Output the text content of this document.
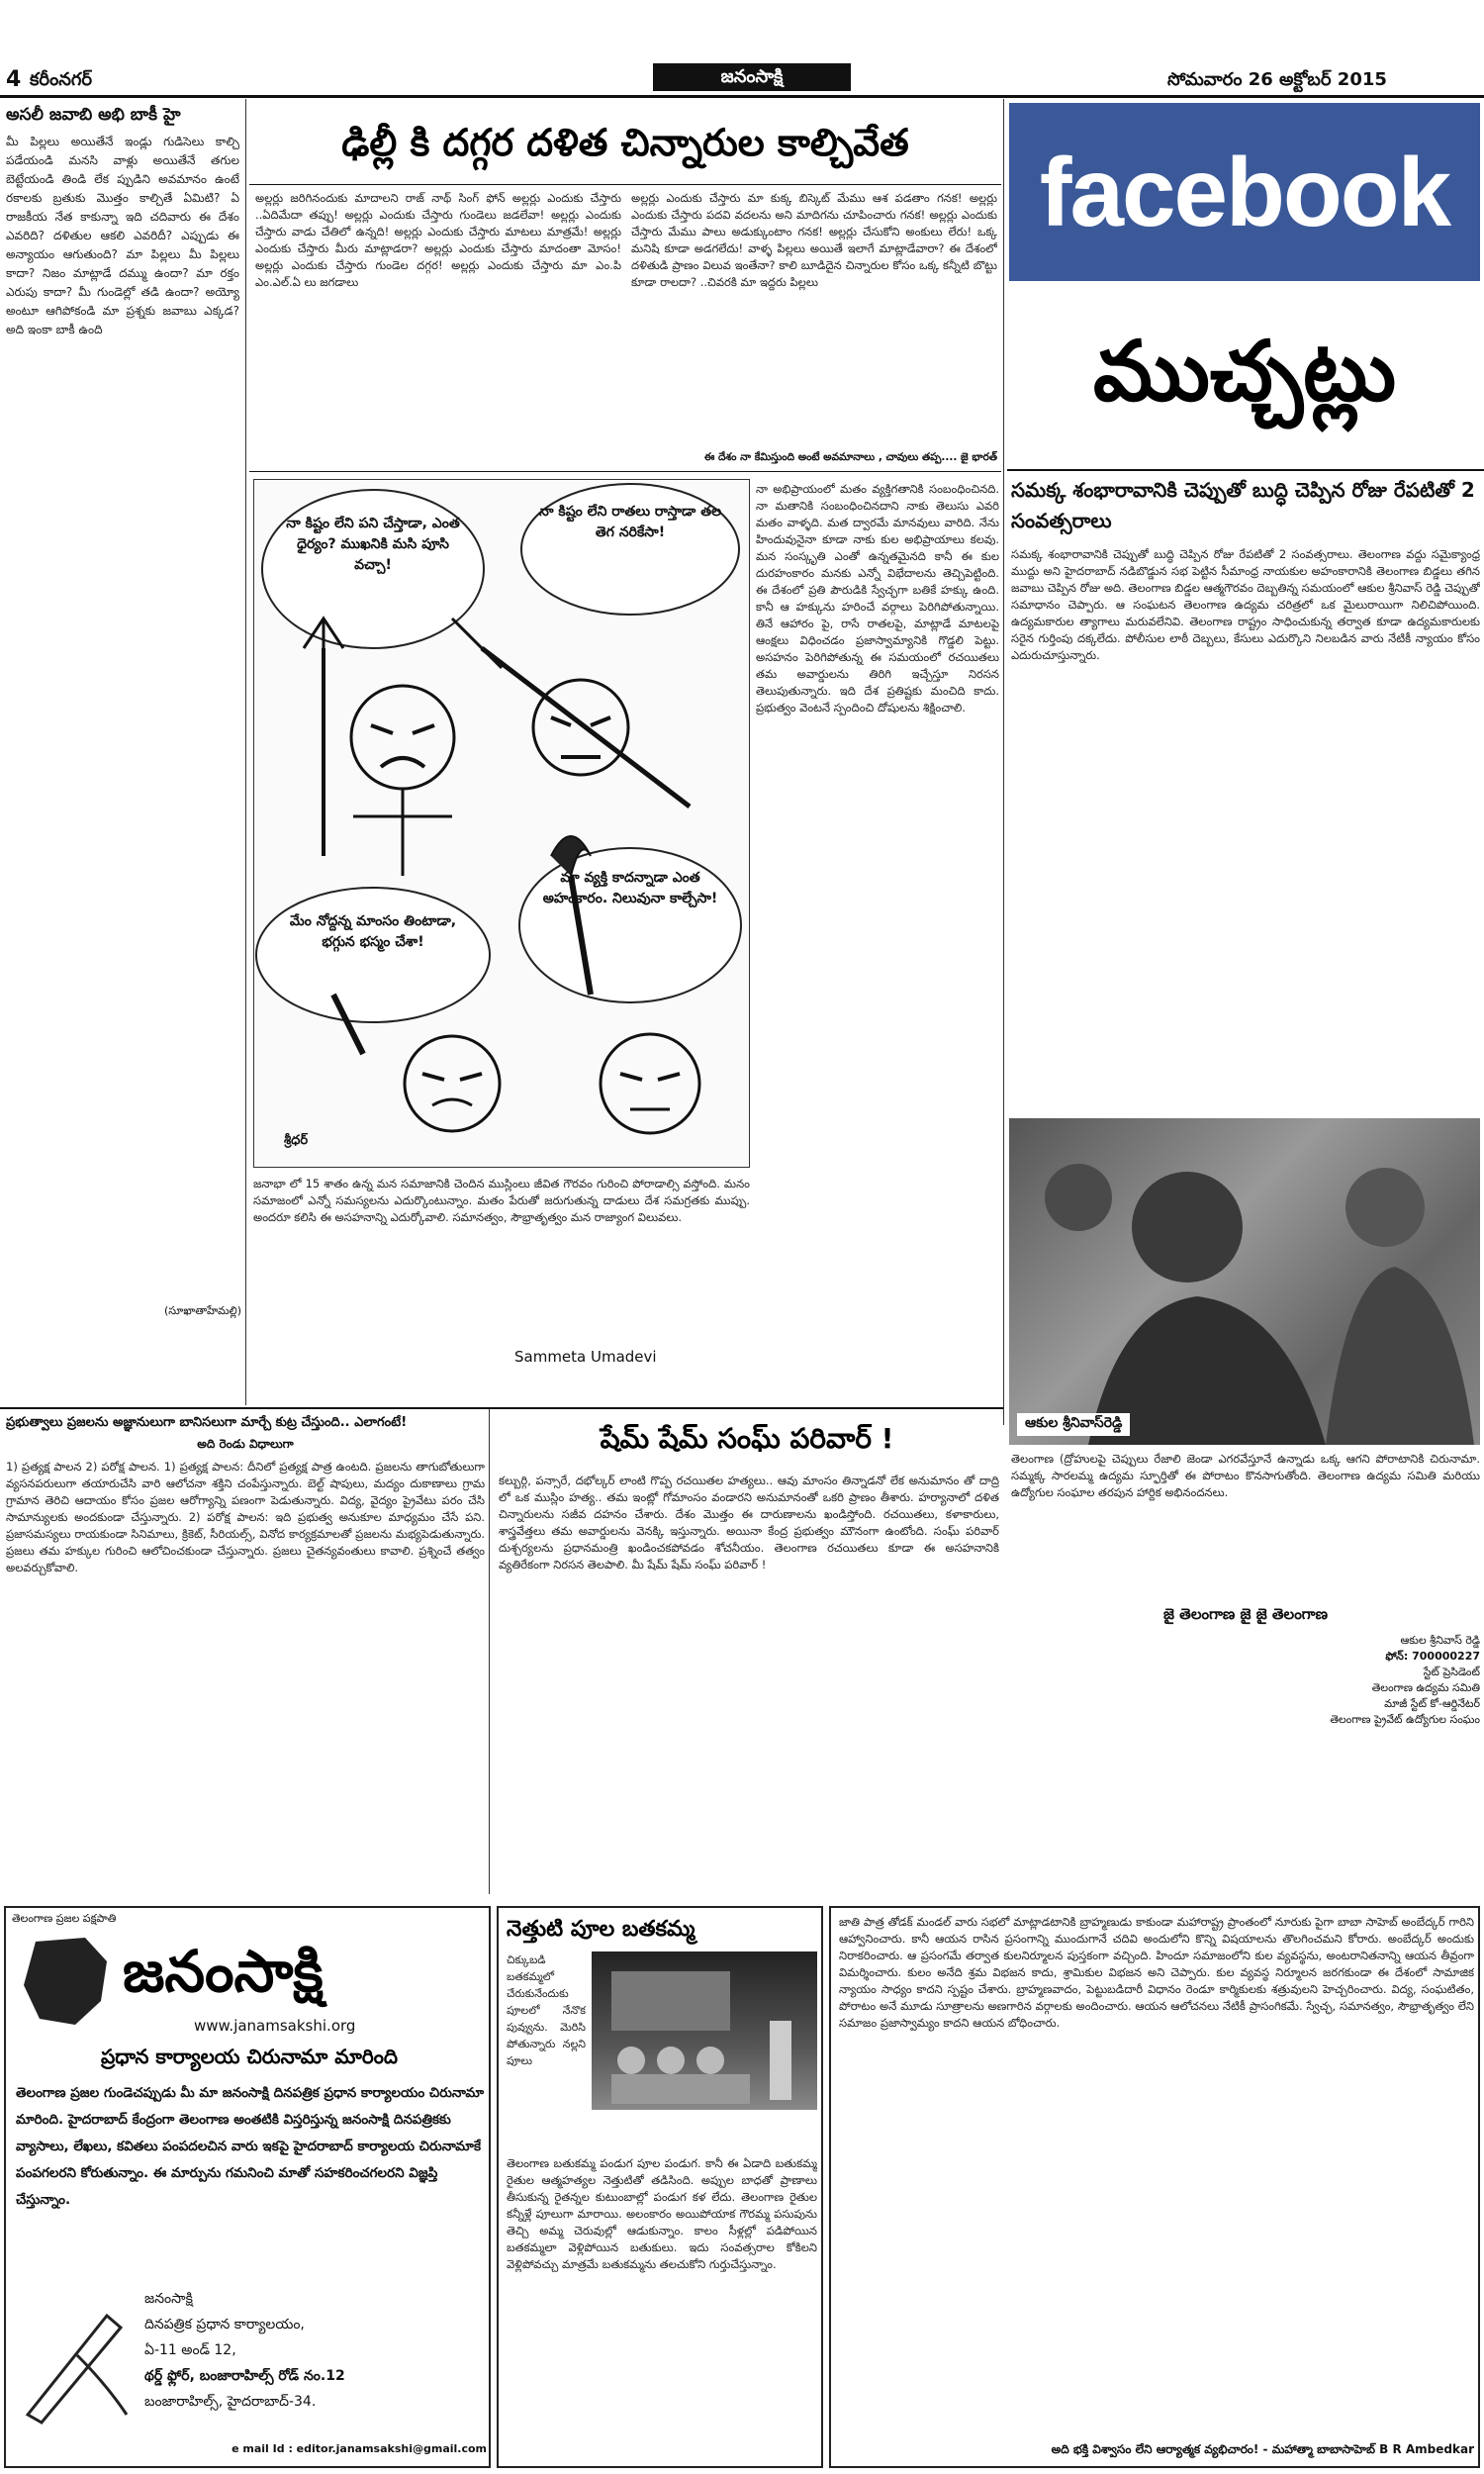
4 కరీంనగర్	జనంసాక్షి	సోమవారం 26 అక్టోబర్ 2015
అసలీ జవాబి అభి బాకీ హై
మీ పిల్లలు అయితేనే ఇండ్లు గుడిసెలు కాల్చి పడేయండి మనసి వాళ్లు అయితేనే తగుల బెట్టేయండి తిండి లేక ప్పుడిని అవమానం ఉంటే రకాలకు బ్రతుకు మొత్తం కాల్చితే ఏమిటి? ఏ రాజకీయ నేత కాకున్నా ఇది చదివారు ఈ దేశం ఎవరిది? దళితుల ఆకలి ఎవరిదీ? ఎప్పుడు ఈ అన్యాయం ఆగుతుంది? మా పిల్లలు మీ పిల్లలు కాదా? నిజం మాట్లాడే దమ్ము ఉందా? మా రక్తం ఎరుపు కాదా? మీ గుండెల్లో తడి ఉందా? అయ్యో అంటూ ఆగిపోకండి మా ప్రశ్నకు జవాబు ఎక్కడ? అది ఇంకా బాకీ ఉంది
(సూఖాతాహేమల్లి)
ఢిల్లీ కి దగ్గర దళిత చిన్నారుల కాల్చివేత
అల్లర్లు జరిగినందుకు మాదాలని రాజ్ నాథ్ సింగ్ ఫోన్ అల్లర్లు ఎందుకు చేస్తారు ..ఏదిమేదా తప్పు! అల్లర్లు ఎందుకు చేస్తారు గుండెలు జడలేవా! అల్లర్లు ఎందుకు చేస్తారు వాడు చేతిలో ఉన్నది! అల్లర్లు ఎందుకు చేస్తారు మాటలు మాత్రమే! అల్లర్లు ఎందుకు చేస్తారు మీరు మాట్లాడరా? అల్లర్లు ఎందుకు చేస్తారు మాదంతా మోసం! అల్లర్లు ఎందుకు చేస్తారు గుండెల దగ్గర! అల్లర్లు ఎందుకు చేస్తారు మా ఎం.పి ఎం.ఎల్.ఏ లు జగడాలు
అల్లర్లు ఎందుకు చేస్తారు మా కుక్క బిస్కెట్ మేము ఆశ పడతాం గనక! అల్లర్లు ఎందుకు చేస్తారు పదవి వదలను అని మాదిగను చూపించారు గనక! అల్లర్లు ఎందుకు చేస్తారు మేము పాలు అడుక్కుంటాం గనక! అల్లర్లు చేసుకోని అంకులు లేరు! ఒక్క మనిషి కూడా అడగలేదు! వాళ్ళ పిల్లలు అయితే ఇలాగే మాట్లాడేవారా? ఈ దేశంలో దళితుడి ప్రాణం విలువ ఇంతేనా? కాలి బూడిదైన చిన్నారుల కోసం ఒక్క కన్నీటి బొట్టు కూడా రాలదా? ..చివరకి మా ఇద్దరు పిల్లలు
ఈ దేశం నా కేమిస్తుంది అంటే అవమానాలు , చావులు తప్ప.... జై భారత్
నా కిష్టం లేని పని చేస్తాడా, ఎంత ధైర్యం? ముఖనికి మసి పూసి వచ్చా!
నా కిష్టం లేని రాతలు రాస్తాడా తల తెగ నరికేసా!
మేం నోద్దన్న మాంసం తింటాడా, భగ్గున భస్మం చేశా!
మా వ్యక్తి కాదన్నాడా ఎంత అహంకారం. నిలువునా కాల్చేసా!
శ్రీధర్
నా అభిప్రాయంలో మతం వ్యక్తిగతానికి సంబంధించినది. నా మతానికి సంబంధించినదాని నాకు తెలుసు ఎవరి మతం వాళ్ళది. మత ద్వారమే మానవులు వారిది. నేను హిందువునైనా కూడా నాకు కుల అభిప్రాయాలు కలవు. మన సంస్కృతి ఎంతో ఉన్నతమైనది కానీ ఈ కుల దురహంకారం మనకు ఎన్నో విభేదాలను తెచ్చిపెట్టింది. ఈ దేశంలో ప్రతి పౌరుడికి స్వేచ్ఛగా బతికే హక్కు ఉంది. కానీ ఆ హక్కును హరించే వర్గాలు పెరిగిపోతున్నాయి. తినే ఆహారం పై, రాసే రాతలపై, మాట్లాడే మాటలపై ఆంక్షలు విధించడం ప్రజాస్వామ్యానికి గొడ్డలి పెట్టు. అసహనం పెరిగిపోతున్న ఈ సమయంలో రచయితలు తమ అవార్డులను తిరిగి ఇచ్చేస్తూ నిరసన తెలుపుతున్నారు. ఇది దేశ ప్రతిష్టకు మంచిది కాదు. ప్రభుత్వం వెంటనే స్పందించి దోషులను శిక్షించాలి.
జనాభా లో 15 శాతం ఉన్న మన సమాజానికి చెందిన ముస్లింలు జీవిత గౌరవం గురించి పోరాడాల్సి వస్తోంది. మనం సమాజంలో ఎన్నో సమస్యలను ఎదుర్కొంటున్నాం. మతం పేరుతో జరుగుతున్న దాడులు దేశ సమగ్రతకు ముప్పు. అందరూ కలిసి ఈ అసహనాన్ని ఎదుర్కోవాలి. సమానత్వం, సౌభ్రాతృత్వం మన రాజ్యాంగ విలువలు.
Sammeta Umadevi
facebook
ముచ్చట్లు
సమక్క శంభారావానికి చెప్పుతో బుద్ధి చెప్పిన రోజు రేపటితో 2 సంవత్సరాలు
సమక్క శంభారావానికి చెప్పుతో బుద్ధి చెప్పిన రోజు రేపటితో 2 సంవత్సరాలు. తెలంగాణ వద్దు సమైక్యాంధ్ర ముద్దు అని హైదరాబాద్ నడిబొడ్డున సభ పెట్టిన సీమాంధ్ర నాయకుల అహంకారానికి తెలంగాణ బిడ్డలు తగిన జవాబు చెప్పిన రోజు అది. తెలంగాణ బిడ్డల ఆత్మగౌరవం దెబ్బతిన్న సమయంలో ఆకుల శ్రీనివాస్ రెడ్డి చెప్పుతో సమాధానం చెప్పారు. ఆ సంఘటన తెలంగాణ ఉద్యమ చరిత్రలో ఒక మైలురాయిగా నిలిచిపోయింది. ఉద్యమకారుల త్యాగాలు మరువలేనివి. తెలంగాణ రాష్ట్రం సాధించుకున్న తర్వాత కూడా ఉద్యమకారులకు సరైన గుర్తింపు దక్కలేదు. పోలీసుల లాఠీ దెబ్బలు, కేసులు ఎదుర్కొని నిలబడిన వారు నేటికీ న్యాయం కోసం ఎదురుచూస్తున్నారు.
ఆకుల శ్రీనివాస్‌రెడ్డి
తెలంగాణ (ద్రోహులపై చెప్పులు రేజాలి జెండా ఎగరవేస్తూనే ఉన్నాడు ఒక్క ఆగని పోరాటానికి చిరునామా. సమ్మక్క సారలమ్మ ఉద్యమ స్ఫూర్తితో ఈ పోరాటం కొనసాగుతోంది. తెలంగాణ ఉద్యమ సమితి మరియు ఉద్యోగుల సంఘాల తరపున హార్దిక అభినందనలు.
జై తెలంగాణ జై జై తెలంగాణ
ఆకుల శ్రీనివాస్ రెడ్డి
ఫోన్: 700000227
స్టేట్ ప్రెసిడెంట్
తెలంగాణ ఉద్యమ సమితి
మాజీ స్టేట్ కో-ఆర్డినేటర్
తెలంగాణ ప్రైవేట్ ఉద్యోగుల సంఘం
ప్రభుత్వాలు ప్రజలను అజ్ఞానులుగా బానిసలుగా మార్చే కుట్ర చేస్తుంది.. ఎలాగంటే!
అది రెండు విధాలుగా
1) ప్రత్యక్ష పాలన 2) పరోక్ష పాలన. 1) ప్రత్యక్ష పాలన: దీనిలో ప్రత్యక్ష పాత్ర ఉంటది. ప్రజలను తాగుబోతులుగా వ్యసనపరులుగా తయారుచేసి వారి ఆలోచనా శక్తిని చంపేస్తున్నారు. బెల్ట్ షాపులు, మద్యం దుకాణాలు గ్రామ గ్రామాన తెరిచి ఆదాయం కోసం ప్రజల ఆరోగ్యాన్ని పణంగా పెడుతున్నారు. విద్య, వైద్యం ప్రైవేటు పరం చేసి సామాన్యులకు అందకుండా చేస్తున్నారు. 2) పరోక్ష పాలన: ఇది ప్రభుత్వ అనుకూల మాధ్యమం చేసే పని. ప్రజాసమస్యలు రాయకుండా సినిమాలు, క్రికెట్, సీరియల్స్, వినోద కార్యక్రమాలతో ప్రజలను మభ్యపెడుతున్నారు. ప్రజలు తమ హక్కుల గురించి ఆలోచించకుండా చేస్తున్నారు. ప్రజలు చైతన్యవంతులు కావాలి. ప్రశ్నించే తత్వం అలవర్చుకోవాలి.
షేమ్ షేమ్ సంఘ్ పరివార్ !
కల్బుర్గి, పన్సారే, దభోల్కర్ లాంటి గొప్ప రచయితల హత్యలు.. ఆవు మాంసం తిన్నాడనో లేక అనుమానం తో దాద్రి లో ఒక ముస్లిం హత్య.. తమ ఇంట్లో గోమాంసం వండారని అనుమానంతో ఒకరి ప్రాణం తీశారు. హర్యానాలో దళిత చిన్నారులను సజీవ దహనం చేశారు. దేశం మొత్తం ఈ దారుణాలను ఖండిస్తోంది. రచయితలు, కళాకారులు, శాస్త్రవేత్తలు తమ అవార్డులను వెనక్కి ఇస్తున్నారు. అయినా కేంద్ర ప్రభుత్వం మౌనంగా ఉంటోంది. సంఘ్ పరివార్ దుశ్చర్యలను ప్రధానమంత్రి ఖండించకపోవడం శోచనీయం. తెలంగాణ రచయితలు కూడా ఈ అసహనానికి వ్యతిరేకంగా నిరసన తెలపాలి. మీ షేమ్ షేమ్ సంఘ్ పరివార్ !
తెలంగాణ ప్రజల పక్షపాతి
జనంసాక్షి
www.janamsakshi.org
ప్రధాన కార్యాలయ చిరునామా మారింది
తెలంగాణ ప్రజల గుండెచప్పుడు మీ మా జనంసాక్షి దినపత్రిక ప్రధాన కార్యాలయం చిరునామా మారింది. హైదరాబాద్ కేంద్రంగా తెలంగాణ అంతటికి విస్తరిస్తున్న జనంసాక్షి దినపత్రికకు వ్యాసాలు, లేఖలు, కవితలు పంపదలచిన వారు ఇకపై హైదరాబాద్ కార్యాలయ చిరునామాకే పంపగలరని కోరుతున్నాం. ఈ మార్పును గమనించి మాతో సహకరించగలరని విజ్ఞప్తి చేస్తున్నాం.
జనంసాక్షి
దినపత్రిక ప్రధాన కార్యాలయం,
ఏ-11 అండ్ 12,
థర్డ్ ఫ్లోర్, బంజారాహిల్స్ రోడ్ నం.12
బంజారాహిల్స్, హైదరాబాద్-34.
e mail Id : editor.janamsakshi@gmail.com
నెత్తుటి పూల బతకమ్మ
చిక్కుబడి బతకమ్మలో చేరుకునేందుకు పూలలో నేనొక పువ్వును. మెరిసి పోతున్నారు నల్లని పూలు
తెలంగాణ బతుకమ్మ పండుగ పూల పండుగ. కానీ ఈ ఏడాది బతుకమ్మ రైతుల ఆత్మహత్యల నెత్తుటితో తడిసింది. అప్పుల బాధతో ప్రాణాలు తీసుకున్న రైతన్నల కుటుంబాల్లో పండుగ కళ లేదు. తెలంగాణ రైతుల కన్నీళ్లే పూలుగా మారాయి. అలంకారం అయిపోయాక గౌరమ్మ పసుపును తెచ్చి అమ్మ చెరువుల్లో ఆడుకున్నాం. కాలం సీళ్లల్లో పడిపోయిన బతకమ్మలా వెళ్లిపోయిన బతుకులు. ఇదు సంవత్సరాల కోకిలని వెళ్లిపోవచ్చు మాత్రమే బతుకమ్మను తలచుకోని గుర్తుచేస్తున్నాం.
జాతి పాత్ర తోడక్ మండల్ వారు సభలో మాట్లాడటానికి బ్రాహ్మణుడు కాకుండా మహారాష్ట్ర ప్రాంతంలో నూరుకు పైగా బాబా సాహెబ్ అంబేద్కర్ గారిని ఆహ్వానించారు. కానీ ఆయన రాసిన ప్రసంగాన్ని ముందుగానే చదివి అందులోని కొన్ని విషయాలను తొలగించమని కోరారు. అంబేద్కర్ అందుకు నిరాకరించారు. ఆ ప్రసంగమే తర్వాత కులనిర్మూలన పుస్తకంగా వచ్చింది. హిందూ సమాజంలోని కుల వ్యవస్థను, అంటరానితనాన్ని ఆయన తీవ్రంగా విమర్శించారు. కులం అనేది శ్రమ విభజన కాదు, శ్రామికుల విభజన అని చెప్పారు. కుల వ్యవస్థ నిర్మూలన జరగకుండా ఈ దేశంలో సామాజిక న్యాయం సాధ్యం కాదని స్పష్టం చేశారు. బ్రాహ్మణవాదం, పెట్టుబడిదారీ విధానం రెండూ కార్మికులకు శత్రువులని హెచ్చరించారు. విద్య, సంఘటితం, పోరాటం అనే మూడు సూత్రాలను అణగారిన వర్గాలకు అందించారు. ఆయన ఆలోచనలు నేటికీ ప్రాసంగికమే. స్వేచ్ఛ, సమానత్వం, సౌభ్రాతృత్వం లేని సమాజం ప్రజాస్వామ్యం కాదని ఆయన బోధించారు.
అది భక్తి విశ్వాసం లేని ఆర్యాత్మక వ్యభిచారం! - మహాత్మా బాబాసాహెబ్ B R Ambedkar
